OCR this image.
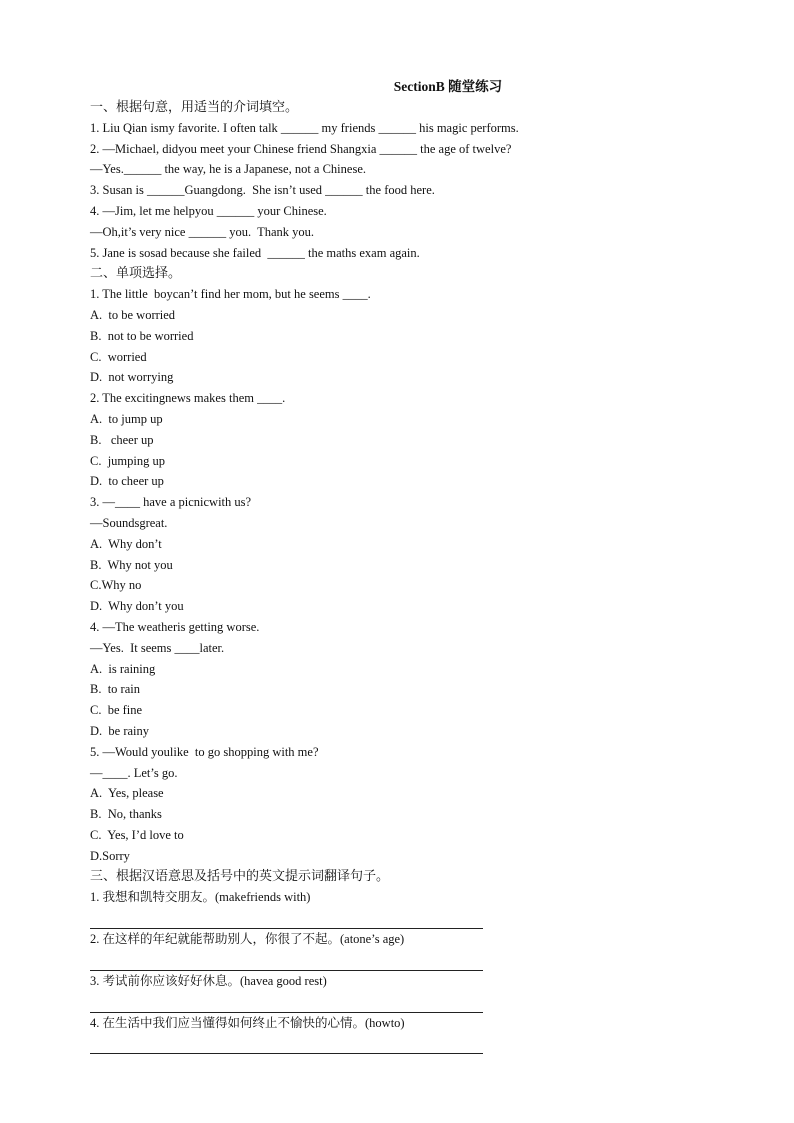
SectionB 随堂练习
一、根据句意，用适当的介词填空。
1. Liu Qian ismy favorite. I often talk ______ my friends ______ his magic performs.
2. —Michael, didyou meet your Chinese friend Shangxia ______ the age of twelve?
—Yes.______ the way, he is a Japanese, not a Chinese.
3. Susan is ______Guangdong.  She isn’t used ______ the food here.
4. —Jim, let me helpyou ______ your Chinese.
—Oh,it’s very nice ______ you.  Thank you.
5. Jane is sosad because she failed  ______ the maths exam again.
二、单项选择。
1. The little  boycan’t find her mom, but he seems ____.
A.  to be worried
B.  not to be worried
C.  worried
D.  not worrying
2. The excitingnews makes them ____.
A.  to jump up
B.   cheer up
C.  jumping up
D.  to cheer up
3. —____ have a picnicwith us?
—Soundsgreat.
A.  Why don’t
B.  Why not you
C.Why no
D.  Why don’t you
4. —The weatheris getting worse.
—Yes.  It seems ____later.
A.  is raining
B.  to rain
C.  be fine
D.  be rainy
5. —Would youlike  to go shopping with me?
—____. Let’s go.
A.  Yes, please
B.  No, thanks
C.  Yes, I’d love to
D.Sorry
三、根据汉语意思及括号中的英文提示词翻译句子。
1. 我想和凯特交朋友。(makefriends with)
2. 在这样的年纪就能帮助别人，你很了不起。(atone’s age)
3. 考试前你应该好好休息。(havea good rest)
4. 在生活中我们应当懂得如何终止不愉快的心情。(howto)
